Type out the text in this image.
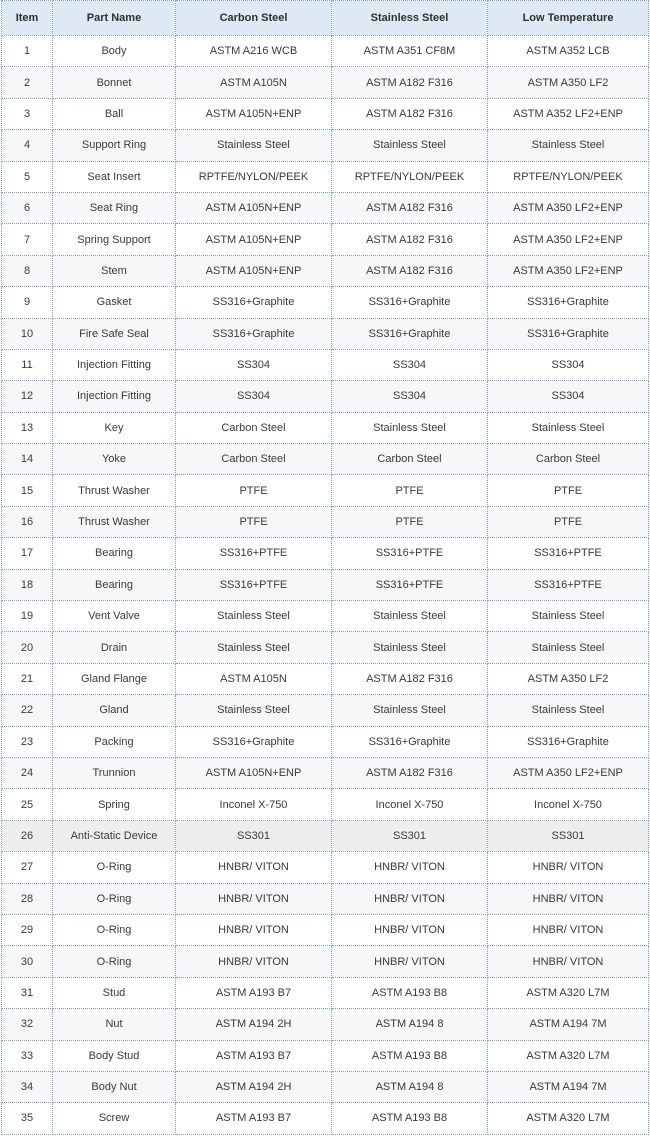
Item	Part Name	Carbon Steel	Stainless Steel	Low Temperature
1	Body	ASTM A216 WCB	ASTM A351 CF8M	ASTM A352 LCB
2	Bonnet	ASTM A105N	ASTM A182 F316	ASTM A350 LF2
3	Ball	ASTM A105N+ENP	ASTM A182 F316	ASTM A352 LF2+ENP
4	Support Ring	Stainless Steel	Stainless Steel	Stainless Steel
5	Seat Insert	RPTFE/NYLON/PEEK	RPTFE/NYLON/PEEK	RPTFE/NYLON/PEEK
6	Seat Ring	ASTM A105N+ENP	ASTM A182 F316	ASTM A350 LF2+ENP
7	Spring Support	ASTM A105N+ENP	ASTM A182 F316	ASTM A350 LF2+ENP
8	Stem	ASTM A105N+ENP	ASTM A182 F316	ASTM A350 LF2+ENP
9	Gasket	SS316+Graphite	SS316+Graphite	SS316+Graphite
10	Fire Safe Seal	SS316+Graphite	SS316+Graphite	SS316+Graphite
11	Injection Fitting	SS304	SS304	SS304
12	Injection Fitting	SS304	SS304	SS304
13	Key	Carbon Steel	Stainless Steel	Stainless Steel
14	Yoke	Carbon Steel	Carbon Steel	Carbon Steel
15	Thrust Washer	PTFE	PTFE	PTFE
16	Thrust Washer	PTFE	PTFE	PTFE
17	Bearing	SS316+PTFE	SS316+PTFE	SS316+PTFE
18	Bearing	SS316+PTFE	SS316+PTFE	SS316+PTFE
19	Vent Valve	Stainless Steel	Stainless Steel	Stainless Steel
20	Drain	Stainless Steel	Stainless Steel	Stainless Steel
21	Gland Flange	ASTM A105N	ASTM A182 F316	ASTM A350 LF2
22	Gland	Stainless Steel	Stainless Steel	Stainless Steel
23	Packing	SS316+Graphite	SS316+Graphite	SS316+Graphite
24	Trunnion	ASTM A105N+ENP	ASTM A182 F316	ASTM A350 LF2+ENP
25	Spring	Inconel X-750	Inconel X-750	Inconel X-750
26	Anti-Static Device	SS301	SS301	SS301
27	O-Ring	HNBR/ VITON	HNBR/ VITON	HNBR/ VITON
28	O-Ring	HNBR/ VITON	HNBR/ VITON	HNBR/ VITON
29	O-Ring	HNBR/ VITON	HNBR/ VITON	HNBR/ VITON
30	O-Ring	HNBR/ VITON	HNBR/ VITON	HNBR/ VITON
31	Stud	ASTM A193 B7	ASTM A193 B8	ASTM A320 L7M
32	Nut	ASTM A194 2H	ASTM A194 8	ASTM A194 7M
33	Body Stud	ASTM A193 B7	ASTM A193 B8	ASTM A320 L7M
34	Body Nut	ASTM A194 2H	ASTM A194 8	ASTM A194 7M
35	Screw	ASTM A193 B7	ASTM A193 B8	ASTM A320 L7M
